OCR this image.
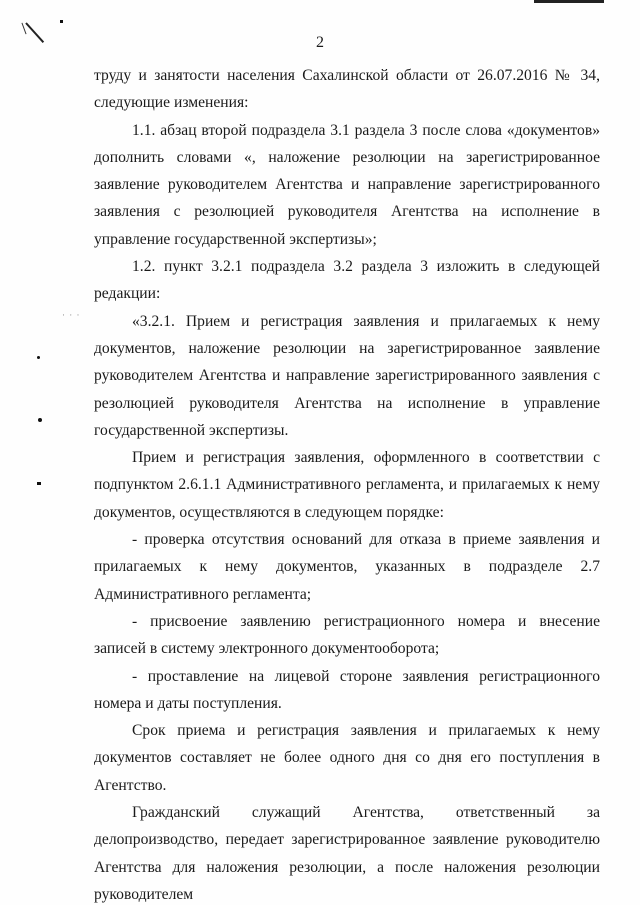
· · ·
2

труду и занятости населения Сахалинской области от 26.07.2016 № 34, следующие изменения:

1.1. абзац второй подраздела 3.1 раздела 3 после слова «документов» дополнить словами «, наложение резолюции на зарегистрированное заявление руководителем Агентства и направление зарегистрированного заявления с резолюцией руководителя Агентства на исполнение в управление государственной экспертизы»;

1.2. пункт 3.2.1 подраздела 3.2 раздела 3 изложить в следующей редакции:

«3.2.1. Прием и регистрация заявления и прилагаемых к нему документов, наложение резолюции на зарегистрированное заявление руководителем Агентства и направление зарегистрированного заявления с резолюцией руководителя Агентства на исполнение в управление государственной экспертизы.

Прием и регистрация заявления, оформленного в соответствии с подпунктом 2.6.1.1 Административного регламента, и прилагаемых к нему документов, осуществляются в следующем порядке:

- проверка отсутствия оснований для отказа в приеме заявления и прилагаемых к нему документов, указанных в подразделе 2.7 Административного регламента;

- присвоение заявлению регистрационного номера и внесение записей в систему электронного документооборота;

- проставление на лицевой стороне заявления регистрационного номера и даты поступления.

Срок приема и регистрация заявления и прилагаемых к нему документов составляет не более одного дня со дня его поступления в Агентство.

Гражданский служащий Агентства, ответственный за делопроизводство, передает зарегистрированное заявление руководителю Агентства для наложения резолюции, а после наложения резолюции руководителем
